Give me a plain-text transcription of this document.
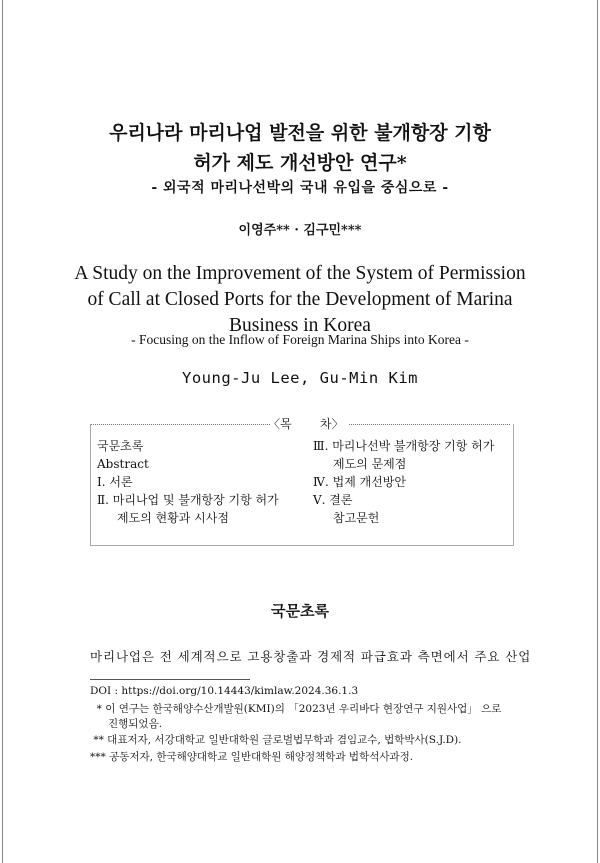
우리나라 마리나업 발전을 위한 불개항장 기항
허가 제도 개선방안 연구*
- 외국적 마리나선박의 국내 유입을 중심으로 -
이영주** · 김구민***
A Study on the Improvement of the System of Permission
of Call at Closed Ports for the Development of Marina
Business in Korea
- Focusing on the Inflow of Foreign Marina Ships into Korea -
Young-Ju Lee, Gu-Min Kim
〈목 차〉
국문초록
Abstract
Ⅰ. 서론
Ⅱ. 마리나업 및 불개항장 기항 허가
제도의 현황과 시사점
Ⅲ. 마리나선박 불개항장 기항 허가
제도의 문제점
Ⅳ. 법제 개선방안
Ⅴ. 결론
참고문헌
국문초록
마리나업은 전 세계적으로 고용창출과 경제적 파급효과 측면에서 주요 산업
DOI : https://doi.org/10.14443/kimlaw.2024.36.1.3
* 이 연구는 한국해양수산개발원(KMI)의 「2023년 우리바다 현장연구 지원사업」 으로
진행되었음.
** 대표저자, 서강대학교 일반대학원 글로벌법무학과 겸임교수, 법학박사(S.J.D).
*** 공동저자, 한국해양대학교 일반대학원 해양정책학과 법학석사과정.
